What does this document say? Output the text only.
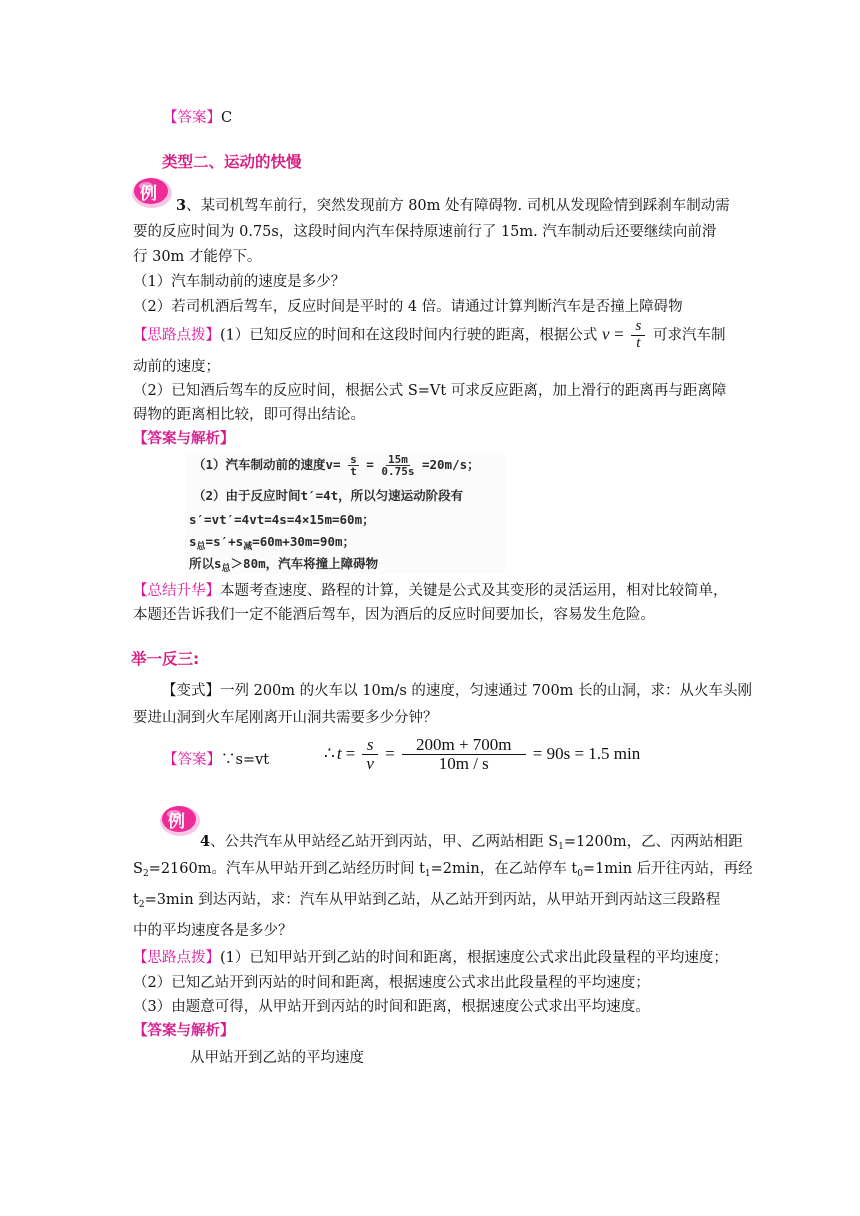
【答案】C
类型二、运动的快慢
例
3、某司机驾车前行，突然发现前方 80m 处有障碍物. 司机从发现险情到踩刹车制动需
要的反应时间为 0.75s，这段时间内汽车保持原速前行了 15m. 汽车制动后还要继续向前滑
行 30m 才能停下。
（1）汽车制动前的速度是多少？
（2）若司机酒后驾车，反应时间是平时的 4 倍。请通过计算判断汽车是否撞上障碍物
【思路点拨】(1）已知反应的时间和在这段时间内行驶的距离，根据公式 $v = \frac{s}{t}$ 可求汽车制
动前的速度；
（2）已知酒后驾车的反应时间，根据公式 S=Vt 可求反应距离，加上滑行的距离再与距离障
碍物的距离相比较，即可得出结论。
【答案与解析】
（1）汽车制动前的速度$v= \frac{s}{t} = \frac{15m}{0.75s} =20m/s$；
（2）由于反应时间t′=4t，所以匀速运动阶段有
s′=vt′=4vt=4s=4×15m=60m；
$s_总=s'+s_减=60m+30m=90m$；
所以$s_总>80m$，汽车将撞上障碍物
【总结升华】本题考查速度、路程的计算，关键是公式及其变形的灵活运用，相对比较简单，
本题还告诉我们一定不能酒后驾车，因为酒后的反应时间要加长，容易发生危险。
举一反三:
【变式】一列 200m 的火车以 10m/s 的速度，匀速通过 700m 长的山洞，求：从火车头刚
要进山洞到火车尾刚离开山洞共需要多少分钟？
【答案】∵s=vt	∴ $t = \frac{s}{v} = \frac{200m + 700m}{10m / s} = 90s = 1.5$ min
例
4、公共汽车从甲站经乙站开到丙站，甲、乙两站相距 $S_1=1200m$，乙、丙两站相距
$S_2=2160m$。汽车从甲站开到乙站经历时间 $t_1=2\min$，在乙站停车 $t_0=1\min$ 后开往丙站，再经
$t_2=3\min$ 到达丙站，求：汽车从甲站到乙站，从乙站开到丙站，从甲站开到丙站这三段路程
中的平均速度各是多少？
【思路点拨】(1）已知甲站开到乙站的时间和距离，根据速度公式求出此段量程的平均速度；
（2）已知乙站开到丙站的时间和距离，根据速度公式求出此段量程的平均速度；
（3）由题意可得，从甲站开到丙站的时间和距离，根据速度公式求出平均速度。
【答案与解析】
从甲站开到乙站的平均速度
